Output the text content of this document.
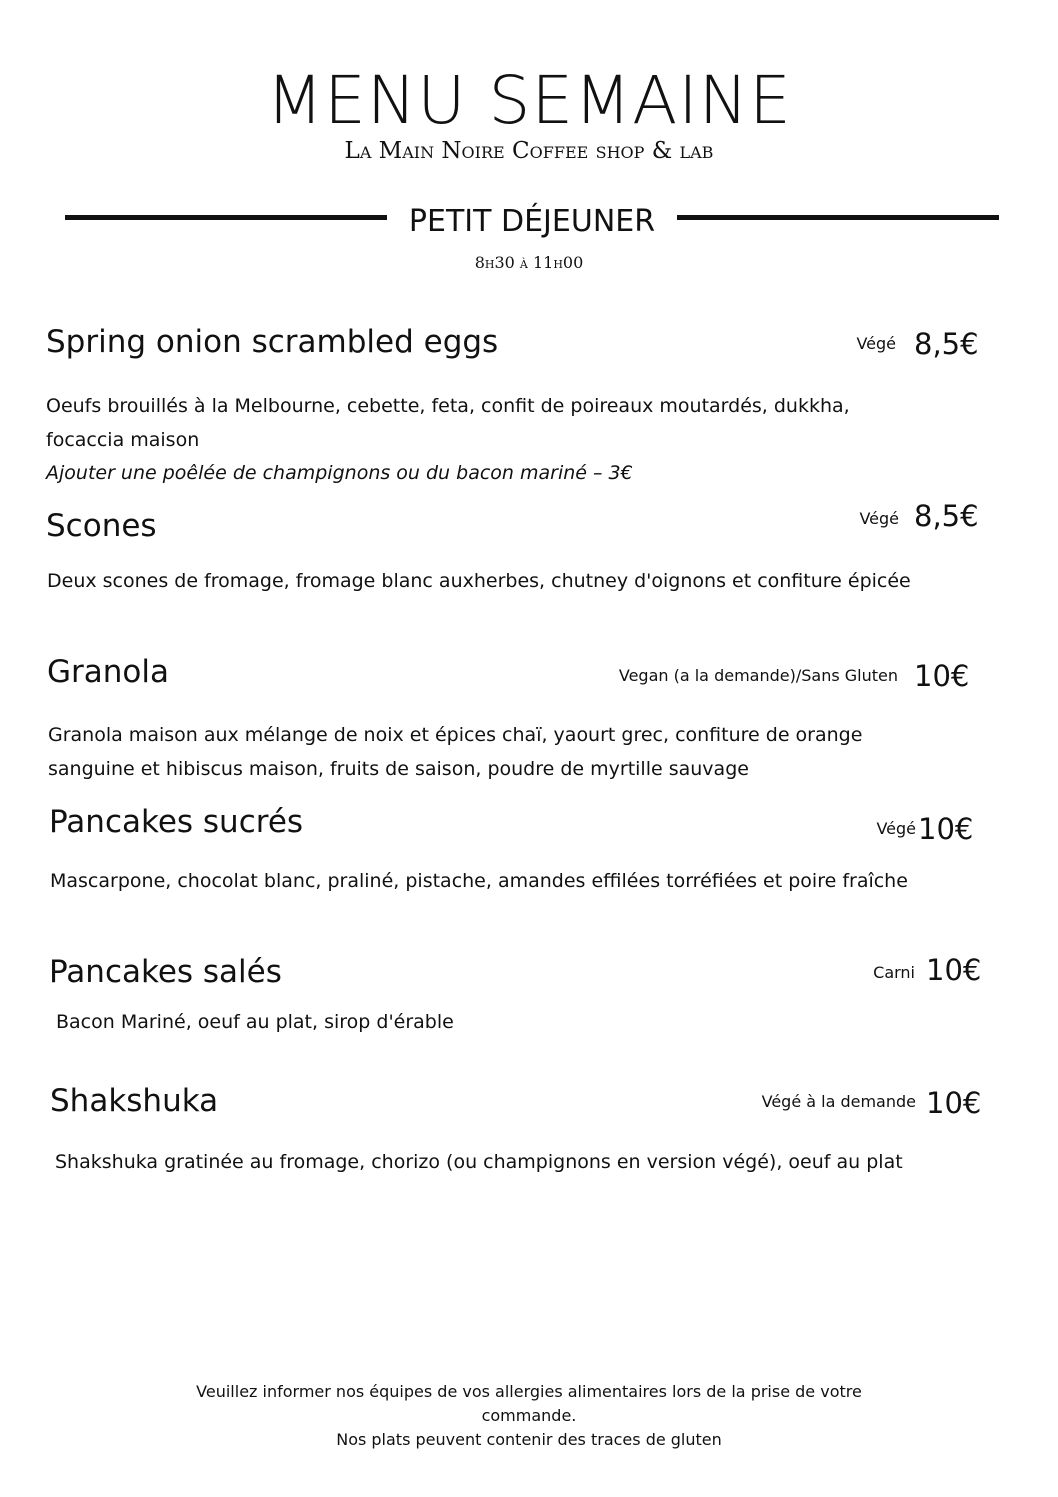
MENU SEMAINE
La Main Noire Coffee shop & lab
PETIT DÉJEUNER
8h30 à 11h00
Spring onion scrambled eggs	Végé 8,5€
Oeufs brouillés à la Melbourne, cebette, feta, confit de poireaux moutardés, dukkha, focaccia maison
Ajouter une poêlée de champignons ou du bacon mariné – 3€
Scones	Végé 8,5€
Deux scones de fromage, fromage blanc auxherbes, chutney d'oignons et confiture épicée
Granola	Vegan (a la demande)/Sans Gluten 10€
Granola maison aux mélange de noix et épices chaï, yaourt grec, confiture de orange sanguine et hibiscus maison, fruits de saison, poudre de myrtille sauvage
Pancakes sucrés	Végé 10€
Mascarpone, chocolat blanc, praliné, pistache, amandes effilées torréfiées et poire fraîche
Pancakes salés	Carni 10€
Bacon Mariné, oeuf au plat, sirop d'érable
Shakshuka	Végé à la demande 10€
Shakshuka gratinée au fromage, chorizo (ou champignons en version végé), oeuf au plat
Veuillez informer nos équipes de vos allergies alimentaires lors de la prise de votre commande.
Nos plats peuvent contenir des traces de gluten
